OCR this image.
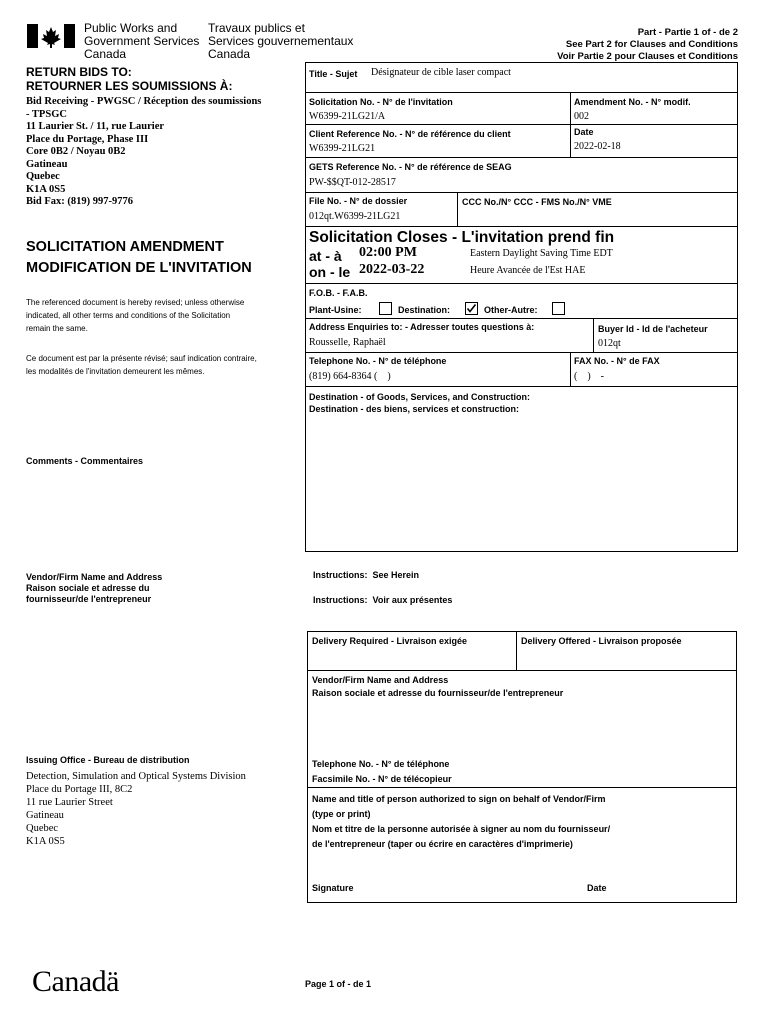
Public Works and
Government Services
Canada
Travaux publics et
Services gouvernementaux
Canada
Part - Partie 1 of - de 2
See Part 2 for Clauses and Conditions
Voir Partie 2 pour Clauses et Conditions
RETURN BIDS TO:
RETOURNER LES SOUMISSIONS À:
Bid Receiving - PWGSC / Réception des soumissions
- TPSGC
11 Laurier St. / 11, rue Laurier
Place du Portage, Phase III
Core 0B2 / Noyau 0B2
Gatineau
Quebec
K1A 0S5
Bid Fax: (819) 997-9776
SOLICITATION AMENDMENT
MODIFICATION DE L'INVITATION
The referenced document is hereby revised; unless otherwise
indicated, all other terms and conditions of the Solicitation
remain the same.
Ce document est par la présente révisé; sauf indication contraire,
les modalités de l'invitation demeurent les mêmes.
Comments - Commentaires
Vendor/Firm Name and Address
Raison sociale et adresse du
fournisseur/de l'entrepreneur
Issuing Office - Bureau de distribution
Detection, Simulation and Optical Systems Division
Place du Portage III, 8C2
11 rue Laurier Street
Gatineau
Quebec
K1A 0S5
Title - Sujet Désignateur de cible laser compact
Solicitation No. - N° de l'invitation
W6399-21LG21/A
Amendment No. - N° modif.
002
Client Reference No. - N° de référence du client
W6399-21LG21
Date
2022-02-18
GETS Reference No. - N° de référence de SEAG
PW-$$QT-012-28517
File No. - N° de dossier
012qt.W6399-21LG21
CCC No./N° CCC - FMS No./N° VME
Solicitation Closes - L'invitation prend fin
at - à 02:00 PM
on - le 2022-03-22
Eastern Daylight Saving Time EDT
Heure Avancée de l'Est HAE
F.O.B. - F.A.B.
Plant-Usine:	Destination:	Other-Autre:
Address Enquiries to: - Adresser toutes questions à:
Rousselle, Raphaël
Buyer Id - Id de l'acheteur
012qt
Telephone No. - N° de téléphone
(819) 664-8364 (    )
FAX No. - N° de FAX
(    )    -
Destination - of Goods, Services, and Construction:
Destination - des biens, services et construction:
Instructions:  See Herein
Instructions:  Voir aux présentes
Delivery Required - Livraison exigée	Delivery Offered - Livraison proposée
Vendor/Firm Name and Address
Raison sociale et adresse du fournisseur/de l'entrepreneur
Telephone No. - N° de téléphone
Facsimile No. - N° de télécopieur
Name and title of person authorized to sign on behalf of Vendor/Firm
(type or print)
Nom et titre de la personne autorisée à signer au nom du fournisseur/
de l'entrepreneur (taper ou écrire en caractères d'imprimerie)
Signature	Date
Canadä	Page 1 of - de 1
